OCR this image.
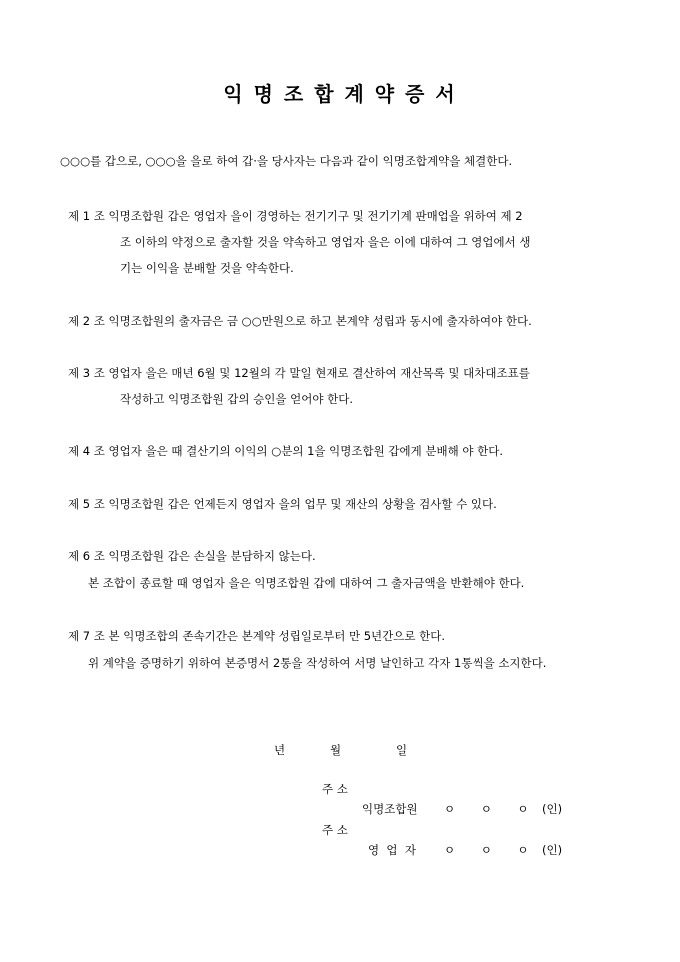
익 명 조 합 계 약 증 서
○○○를 갑으로, ○○○을 을로 하여 갑·을 당사자는 다음과 같이 익명조합계약을 체결한다.
제 1 조 익명조합원 갑은 영업자 을이 경영하는 전기기구 및 전기기계 판매업을 위하여 제 2
조 이하의 약정으로 출자할 것을 약속하고 영업자 을은 이에 대하여 그 영업에서 생
기는 이익을 분배할 것을 약속한다.
제 2 조 익명조합원의 출자금은 금 ○○만원으로 하고 본계약 성립과 동시에 출자하여야 한다.
제 3 조 영업자 을은 매년 6월 및 12월의 각 말일 현재로 결산하여 재산목록 및 대차대조표를
작성하고 익명조합원 갑의 승인을 얻어야 한다.
제 4 조 영업자 을은 때 결산기의 이익의 ○분의 1을 익명조합원 갑에게 분배해 야 한다.
제 5 조 익명조합원 갑은 언제든지 영업자 을의 업무 및 재산의 상황을 검사할 수 있다.
제 6 조 익명조합원 갑은 손실을 분담하지 않는다.
본 조합이 종료할 때 영업자 을은 익명조합원 갑에 대하여 그 출자금액을 반환해야 한다.
제 7 조 본 익명조합의 존속기간은 본계약 성립일로부터 만 5년간으로 한다.
위 계약을 증명하기 위하여 본증명서 2통을 작성하여 서명 날인하고 각자 1통씩을 소지한다.
년	월	일
주 소
익명조합원 ㅇ       ㅇ       ㅇ (인)
주 소
영  업  자 ㅇ       ㅇ       ㅇ (인)
